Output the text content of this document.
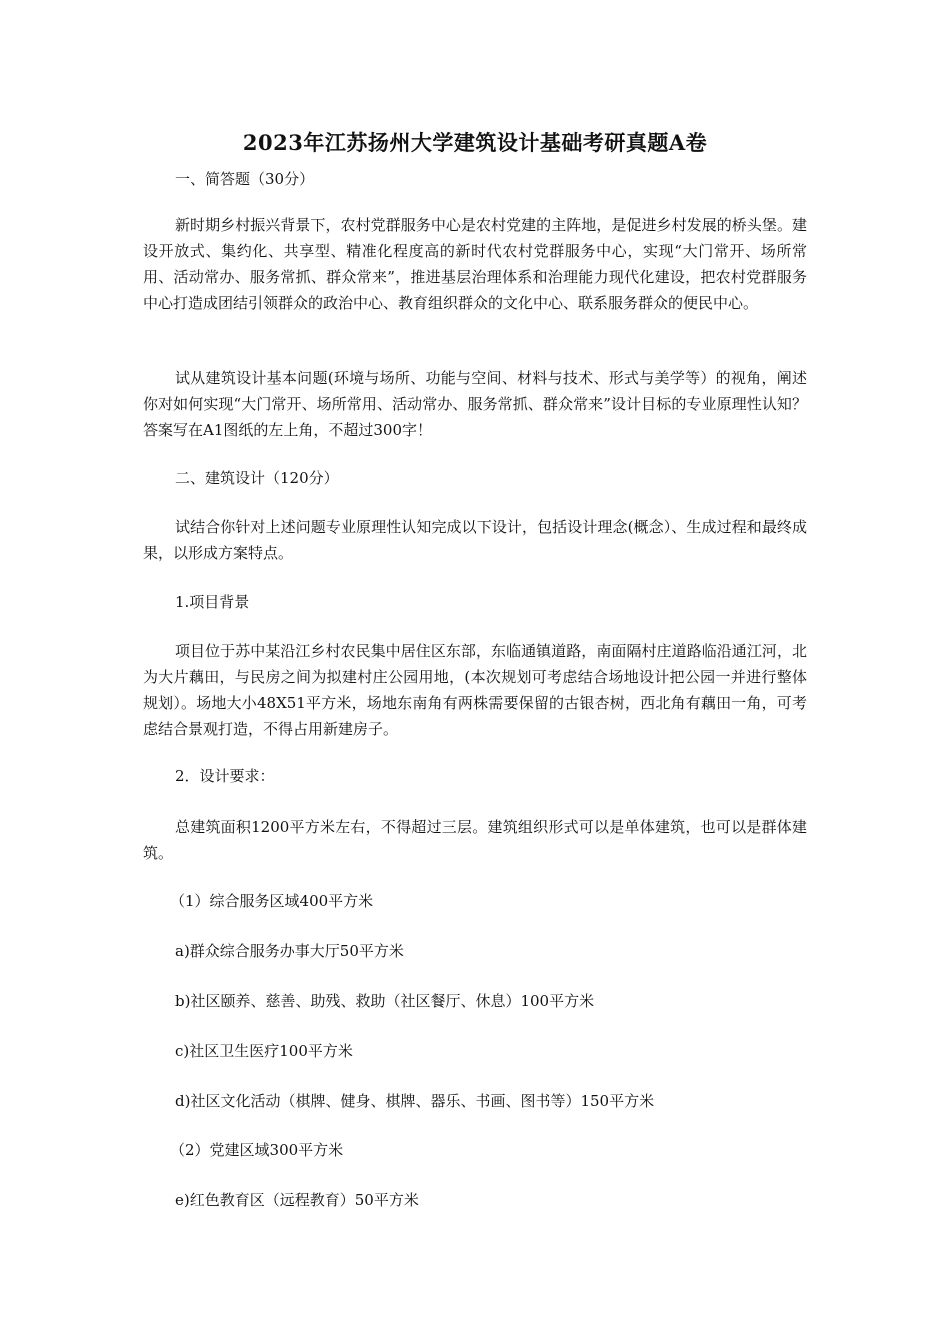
2023年江苏扬州大学建筑设计基础考研真题A卷

一、简答题（30分）

新时期乡村振兴背景下，农村党群服务中心是农村党建的主阵地，是促进乡村发展的桥头堡。建设开放式、集约化、共享型、精准化程度高的新时代农村党群服务中心，实现“大门常开、场所常用、活动常办、服务常抓、群众常来”，推进基层治理体系和治理能力现代化建设，把农村党群服务中心打造成团结引领群众的政治中心、教育组织群众的文化中心、联系服务群众的便民中心。

试从建筑设计基本问题(环境与场所、功能与空间、材料与技术、形式与美学等）的视角，阐述你对如何实现“大门常开、场所常用、活动常办、服务常抓、群众常来”设计目标的专业原理性认知？答案写在A1图纸的左上角，不超过300字！

二、建筑设计（120分）

试结合你针对上述问题专业原理性认知完成以下设计，包括设计理念(概念）、生成过程和最终成果，以形成方案特点。

1.项目背景

项目位于苏中某沿江乡村农民集中居住区东部，东临通镇道路，南面隔村庄道路临沿通江河，北为大片藕田，与民房之间为拟建村庄公园用地，(本次规划可考虑结合场地设计把公园一并进行整体规划）。场地大小48X51平方米，场地东南角有两株需要保留的古银杏树，西北角有藕田一角，可考虑结合景观打造，不得占用新建房子。

2．设计要求：

总建筑面积1200平方米左右，不得超过三层。建筑组织形式可以是单体建筑，也可以是群体建筑。

（1）综合服务区域400平方米

a)群众综合服务办事大厅50平方米

b)社区颐养、慈善、助残、救助（社区餐厅、休息）100平方米

c)社区卫生医疗100平方米

d)社区文化活动（棋牌、健身、棋牌、器乐、书画、图书等）150平方米

（2）党建区域300平方米

e)红色教育区（远程教育）50平方米
